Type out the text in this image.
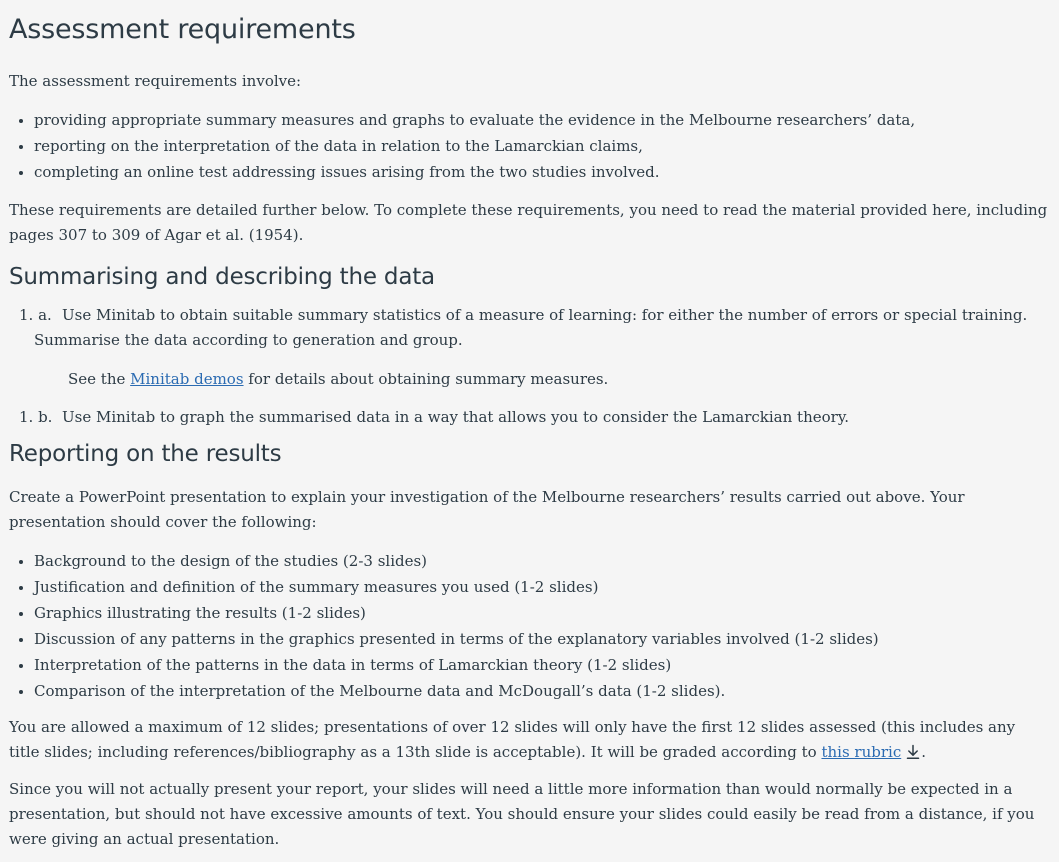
Assessment requirements

The assessment requirements involve:

providing appropriate summary measures and graphs to evaluate the evidence in the Melbourne researchers’ data,
reporting on the interpretation of the data in relation to the Lamarckian claims,
completing an online test addressing issues arising from the two studies involved.

These requirements are detailed further below. To complete these requirements, you need to read the material provided here, including pages 307 to 309 of Agar et al. (1954).

Summarising and describing the data
1. a. Use Minitab to obtain suitable summary statistics of a measure of learning: for either the number of errors or special training. Summarise the data according to generation and group.

See the Minitab demos for details about obtaining summary measures.

1. b. Use Minitab to graph the summarised data in a way that allows you to consider the Lamarckian theory.
Reporting on the results

Create a PowerPoint presentation to explain your investigation of the Melbourne researchers’ results carried out above. Your presentation should cover the following:

Background to the design of the studies (2-3 slides)
Justification and definition of the summary measures you used (1-2 slides)
Graphics illustrating the results (1-2 slides)
Discussion of any patterns in the graphics presented in terms of the explanatory variables involved (1-2 slides)
Interpretation of the patterns in the data in terms of Lamarckian theory (1-2 slides)
Comparison of the interpretation of the Melbourne data and McDougall’s data (1-2 slides).

You are allowed a maximum of 12 slides; presentations of over 12 slides will only have the first 12 slides assessed (this includes any title slides; including references/bibliography as a 13th slide is acceptable). It will be graded according to this rubric .

Since you will not actually present your report, your slides will need a little more information than would normally be expected in a presentation, but should not have excessive amounts of text. You should ensure your slides could easily be read from a distance, if you were giving an actual presentation.
